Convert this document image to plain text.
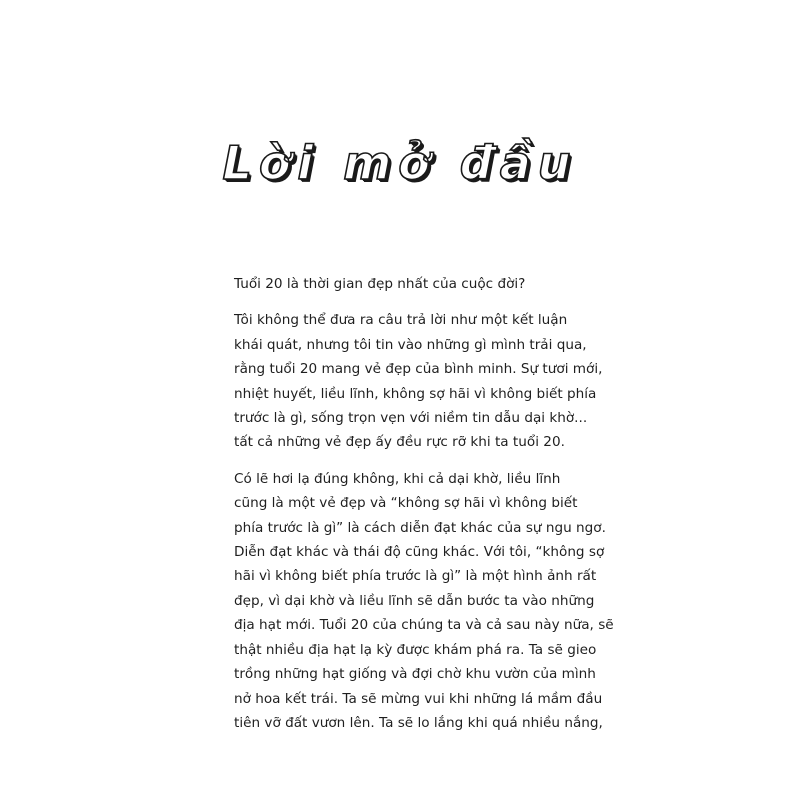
Lời mở đầu

Tuổi 20 là thời gian đẹp nhất của cuộc đời?

Tôi không thể đưa ra câu trả lời như một kết luận
khái quát, nhưng tôi tin vào những gì mình trải qua,
rằng tuổi 20 mang vẻ đẹp của bình minh. Sự tươi mới,
nhiệt huyết, liều lĩnh, không sợ hãi vì không biết phía
trước là gì, sống trọn vẹn với niềm tin dẫu dại khờ...
tất cả những vẻ đẹp ấy đều rực rỡ khi ta tuổi 20.

Có lẽ hơi lạ đúng không, khi cả dại khờ, liều lĩnh
cũng là một vẻ đẹp và “không sợ hãi vì không biết
phía trước là gì” là cách diễn đạt khác của sự ngu ngơ.
Diễn đạt khác và thái độ cũng khác. Với tôi, “không sợ
hãi vì không biết phía trước là gì” là một hình ảnh rất
đẹp, vì dại khờ và liều lĩnh sẽ dẫn bước ta vào những
địa hạt mới. Tuổi 20 của chúng ta và cả sau này nữa, sẽ
thật nhiều địa hạt lạ kỳ được khám phá ra. Ta sẽ gieo
trồng những hạt giống và đợi chờ khu vườn của mình
nở hoa kết trái. Ta sẽ mừng vui khi những lá mầm đầu
tiên vỡ đất vươn lên. Ta sẽ lo lắng khi quá nhiều nắng,
